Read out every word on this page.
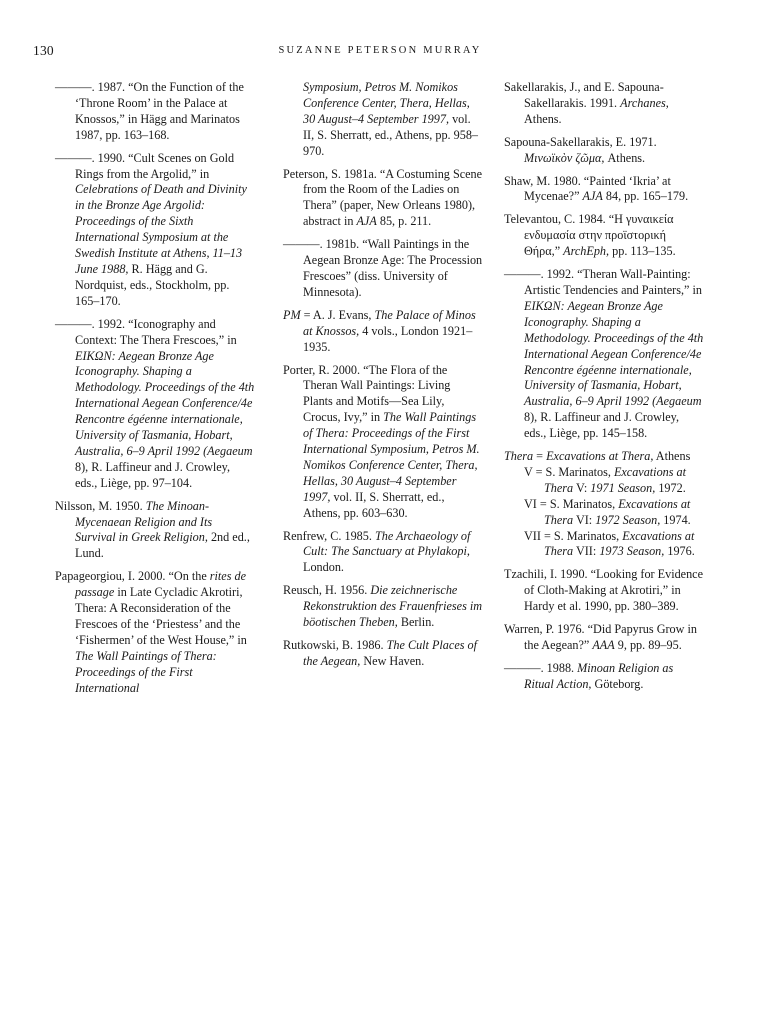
130	SUZANNE PETERSON MURRAY
———. 1987. “On the Function of the ‘Throne Room’ in the Palace at Knossos,” in Hägg and Marinatos 1987, pp. 163–168.
———. 1990. “Cult Scenes on Gold Rings from the Argolid,” in Celebrations of Death and Divinity in the Bronze Age Argolid: Proceedings of the Sixth International Symposium at the Swedish Institute at Athens, 11–13 June 1988, R. Hägg and G. Nordquist, eds., Stockholm, pp. 165–170.
———. 1992. “Iconography and Context: The Thera Frescoes,” in EIKΩN: Aegean Bronze Age Iconography. Shaping a Methodology. Proceedings of the 4th International Aegean Conference/4e Rencontre égéenne internationale, University of Tasmania, Hobart, Australia, 6–9 April 1992 (Aegaeum 8), R. Laffineur and J. Crowley, eds., Liège, pp. 97–104.
Nilsson, M. 1950. The Minoan-Mycenaean Religion and Its Survival in Greek Religion, 2nd ed., Lund.
Papageorgiou, I. 2000. “On the rites de passage in Late Cycladic Akrotiri, Thera: A Reconsideration of the Frescoes of the ‘Priestess’ and the ‘Fishermen’ of the West House,” in The Wall Paintings of Thera: Proceedings of the First International
Symposium, Petros M. Nomikos Conference Center, Thera, Hellas, 30 August–4 September 1997, vol. II, S. Sherratt, ed., Athens, pp. 958–970.
Peterson, S. 1981a. “A Costuming Scene from the Room of the Ladies on Thera” (paper, New Orleans 1980), abstract in AJA 85, p. 211.
———. 1981b. “Wall Paintings in the Aegean Bronze Age: The Procession Frescoes” (diss. University of Minnesota).
PM = A. J. Evans, The Palace of Minos at Knossos, 4 vols., London 1921–1935.
Porter, R. 2000. “The Flora of the Theran Wall Paintings: Living Plants and Motifs—Sea Lily, Crocus, Ivy,” in The Wall Paintings of Thera: Proceedings of the First International Symposium, Petros M. Nomikos Conference Center, Thera, Hellas, 30 August–4 September 1997, vol. II, S. Sherratt, ed., Athens, pp. 603–630.
Renfrew, C. 1985. The Archaeology of Cult: The Sanctuary at Phylakopi, London.
Reusch, H. 1956. Die zeichnerische Rekonstruktion des Frauenfrieses im böotischen Theben, Berlin.
Rutkowski, B. 1986. The Cult Places of the Aegean, New Haven.
Sakellarakis, J., and E. Sapouna-Sakellarakis. 1991. Archanes, Athens.
Sapouna-Sakellarakis, E. 1971. Μινωϊκὸν ζῶμα, Athens.
Shaw, M. 1980. “Painted ‘Ikria’ at Mycenae?” AJA 84, pp. 165–179.
Televantou, C. 1984. “Η γυναικεία ενδυμασία στην προϊστορική Θήρα,” ArchEph, pp. 113–135.
———. 1992. “Theran Wall-Painting: Artistic Tendencies and Painters,” in EIKΩN: Aegean Bronze Age Iconography. Shaping a Methodology. Proceedings of the 4th International Aegean Conference/4e Rencontre égéenne internationale, University of Tasmania, Hobart, Australia, 6–9 April 1992 (Aegaeum 8), R. Laffineur and J. Crowley, eds., Liège, pp. 145–158.
Thera = Excavations at Thera, Athens
V = S. Marinatos, Excavations at Thera V: 1971 Season, 1972.
VI = S. Marinatos, Excavations at Thera VI: 1972 Season, 1974.
VII = S. Marinatos, Excavations at Thera VII: 1973 Season, 1976.
Tzachili, I. 1990. “Looking for Evidence of Cloth-Making at Akrotiri,” in Hardy et al. 1990, pp. 380–389.
Warren, P. 1976. “Did Papyrus Grow in the Aegean?” AAA 9, pp. 89–95.
———. 1988. Minoan Religion as Ritual Action, Göteborg.
